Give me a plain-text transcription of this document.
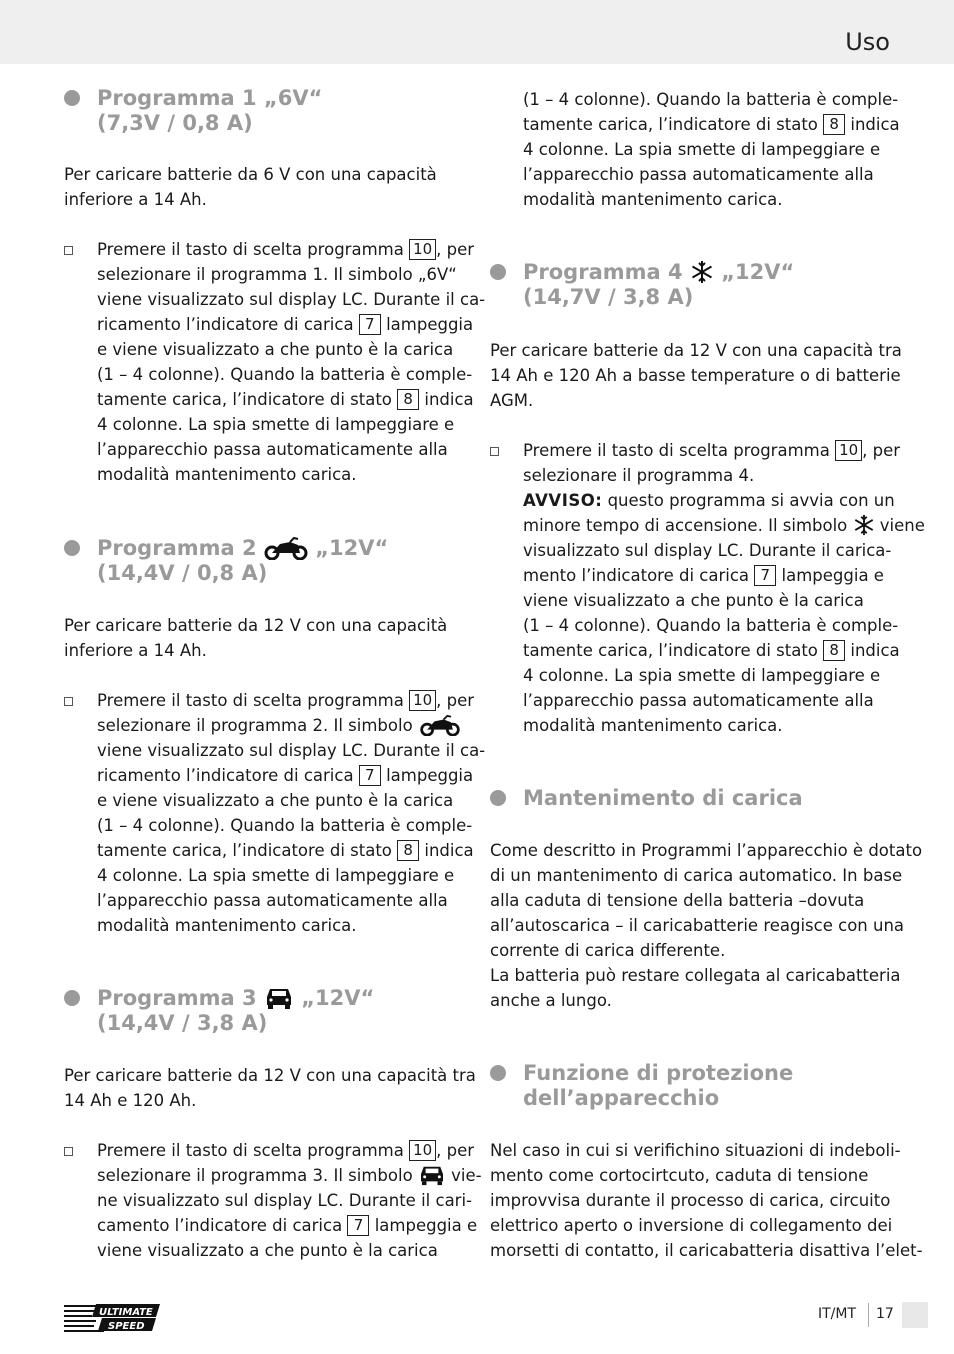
Uso
Programma 1 „6V“
(7,3V / 0,8 A)
Per caricare batterie da 6 V con una capacità
inferiore a 14 Ah.
Premere il tasto di scelta programma 10 , per
selezionare il programma 1. Il simbolo „6V“
viene visualizzato sul display LC. Durante il ca-
ricamento l’indicatore di carica 7 lampeggia
e viene visualizzato a che punto è la carica
(1 – 4 colonne). Quando la batteria è comple-
tamente carica, l’indicatore di stato 8 indica
4 colonne. La spia smette di lampeggiare e
l’apparecchio passa automaticamente alla
modalità mantenimento carica.
Programma 2	„12V“
(14,4V / 0,8 A)
Per caricare batterie da 12 V con una capacità
inferiore a 14 Ah.
Premere il tasto di scelta programma 10 , per
selezionare il programma 2. Il simbolo
viene visualizzato sul display LC. Durante il ca-
ricamento l’indicatore di carica 7 lampeggia
e viene visualizzato a che punto è la carica
(1 – 4 colonne). Quando la batteria è comple-
tamente carica, l’indicatore di stato 8 indica
4 colonne. La spia smette di lampeggiare e
l’apparecchio passa automaticamente alla
modalità mantenimento carica.
Programma 3 „12V“
(14,4V / 3,8 A)
Per caricare batterie da 12 V con una capacità tra
14 Ah e 120 Ah.
Premere il tasto di scelta programma 10 , per
selezionare il programma 3. Il simbolo vie-
ne visualizzato sul display LC. Durante il cari-
camento l’indicatore di carica 7 lampeggia e
viene visualizzato a che punto è la carica
(1 – 4 colonne). Quando la batteria è comple-
tamente carica, l’indicatore di stato 8 indica
4 colonne. La spia smette di lampeggiare e
l’apparecchio passa automaticamente alla
modalità mantenimento carica.
Programma 4 „12V“
(14,7V / 3,8 A)
Per caricare batterie da 12 V con una capacità tra
14 Ah e 120 Ah a basse temperature o di batterie
AGM.
Premere il tasto di scelta programma 10 , per
selezionare il programma 4.
AVVISO: questo programma si avvia con un
minore tempo di accensione. Il simbolo viene
visualizzato sul display LC. Durante il carica-
mento l’indicatore di carica 7 lampeggia e
viene visualizzato a che punto è la carica
(1 – 4 colonne). Quando la batteria è comple-
tamente carica, l’indicatore di stato 8 indica
4 colonne. La spia smette di lampeggiare e
l’apparecchio passa automaticamente alla
modalità mantenimento carica.
Mantenimento di carica
Come descritto in Programmi l’apparecchio è dotato
di un mantenimento di carica automatico. In base
alla caduta di tensione della batteria –dovuta
all’autoscarica – il caricabatterie reagisce con una
corrente di carica differente.
La batteria può restare collegata al caricabatteria
anche a lungo.
Funzione di protezione
dell’apparecchio
Nel caso in cui si verifichino situazioni di indeboli-
mento come cortocirtcuto, caduta di tensione
improvvisa durante il processo di carica, circuito
elettrico aperto o inversione di collegamento dei
morsetti di contatto, il caricabatteria disattiva l’elet-
ULTIMATE
SPEED
IT/MT 17
